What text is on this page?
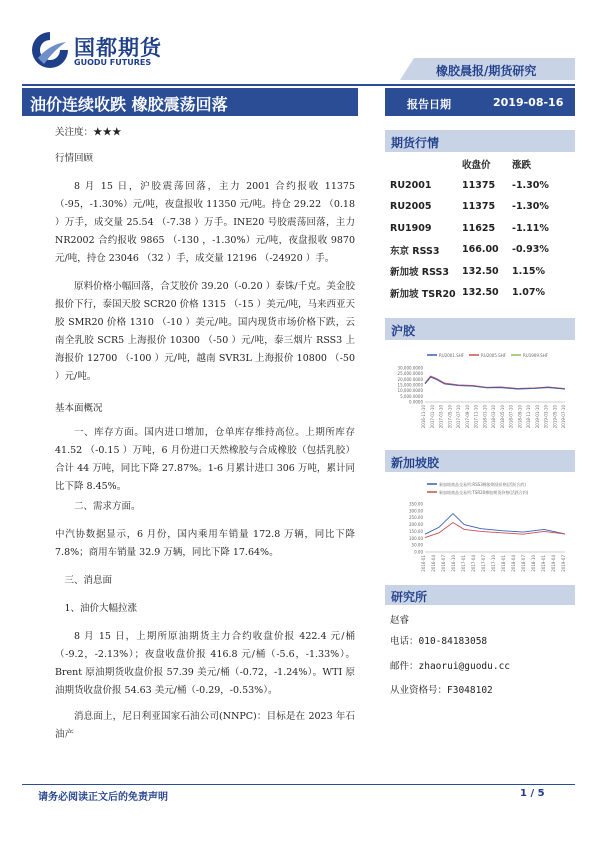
国都期货
GUODU FUTURES
橡胶晨报/期货研究
油价连续收跌 橡胶震荡回落	报告日期	2019-08-16
关注度：★★★
行情回顾

8 月 15 日，沪胶震荡回落，主力 2001 合约报收 11375（-95，-1.30%）元/吨，夜盘报收 11350 元/吨。持仓 29.22 （0.18 ）万手，成交量 25.54 （-7.38 ）万手。INE20 号胶震荡回落，主力 NR2002 合约报收 9865 （-130 ，-1.30%）元/吨，夜盘报收 9870 元/吨，持仓 23046 （32 ）手，成交量 12196 （-24920 ）手。

原料价格小幅回落，合艾胶价 39.20（-0.20 ）泰铢/千克。美金胶报价下行，泰国天胶 SCR20 价格 1315 （-15 ）美元/吨，马来西亚天胶 SMR20 价格 1310 （-10 ）美元/吨。国内现货市场价格下跌，云南全乳胶 SCR5 上海报价 10300 （-50 ）元/吨，泰三烟片 RSS3 上海报价 12700 （-100 ）元/吨，越南 SVR3L 上海报价 10800 （-50 ）元/吨。

基本面概况

一、库存方面。国内进口增加，仓单库存维持高位。上期所库存 41.52 （-0.15 ）万吨，6 月份进口天然橡胶与合成橡胶（包括乳胶）合计 44 万吨，同比下降 27.87%。1-6 月累计进口 306 万吨，累计同比下降 8.45%。

二、需求方面。

中汽协数据显示，6 月份，国内乘用车销量 172.8 万辆，同比下降 7.8%；商用车销量 32.9 万辆，同比下降 17.64%。

三、消息面

1、油价大幅拉涨

8 月 15 日，上期所原油期货主力合约收盘价报 422.4 元/桶（-9.2，-2.13%）；夜盘收盘价报 416.8 元/桶（-5.6，-1.33%）。Brent 原油期货收盘价报 57.39 美元/桶（-0.72，-1.24%）。WTI 原油期货收盘价报 54.63 美元/桶（-0.29，-0.53%）。

消息面上，尼日利亚国家石油公司(NNPC)：目标是在 2023 年石油产

期货行情
	收盘价	涨跌
RU2001	11375	-1.30%
RU2005	11375	-1.30%
RU1909	11625	-1.11%
东京 RSS3	166.00	-0.93%
新加坡 RSS3	132.50	1.15%
新加坡 TSR20	132.50	1.07%
沪胶
RU2001.SHF	RU2005.SHF	RU1909.SHF
30,000.0000
25,000.0000
20,000.0000
15,000.0000
10,000.0000
5,000.0000
0.0000
2016-11-10 2017-01-10 2017-03-10 2017-05-10 2017-07-10 2017-09-10 2017-11-10 2018-01-10 2018-03-10 2018-05-10 2018-07-10 2018-09-10 2018-11-10 2019-01-10 2019-03-10 2019-05-10 2019-07-10
新加坡胶
新加坡商品交易所:RSS3橡胶期货价格(活跃合约)
新加坡商品交易所:TSR20橡胶期货价格(活跃合约)
350.00
300.00
250.00
200.00
150.00
100.00
50.00
0.00
2016-01 2016-04 2016-07 2016-10 2017-01 2017-04 2017-07 2017-10 2018-01 2018-04 2018-07 2018-10 2019-01 2019-04 2019-07
研究所
赵睿
电话：010-84183058
邮件：zhaorui@guodu.cc
从业资格号：F3048102
请务必阅读正文后的免责声明	1 / 5
